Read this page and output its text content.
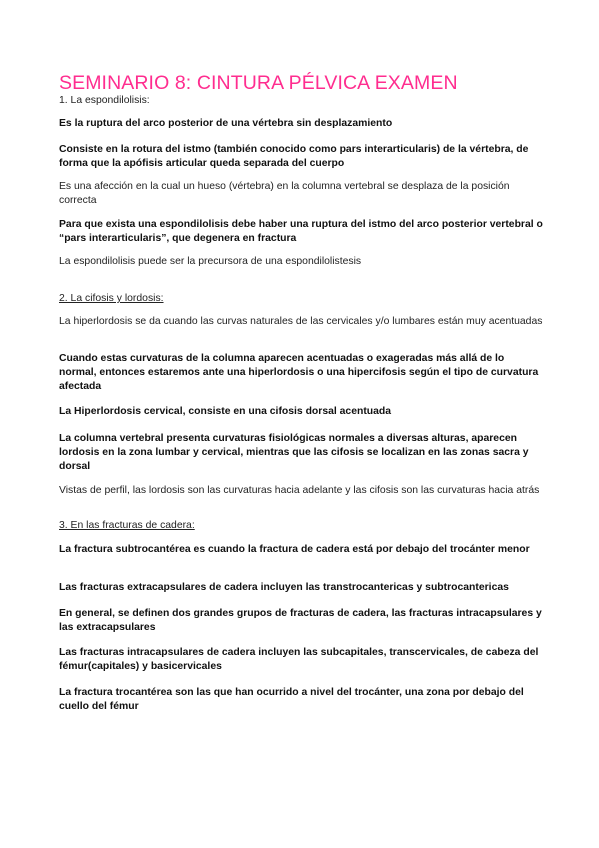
SEMINARIO 8: CINTURA PÉLVICA EXAMEN

1. La espondilolisis:

Es la ruptura del arco posterior de una vértebra sin desplazamiento

Consiste en la rotura del istmo (también conocido como pars interarticularis) de la vértebra, de forma que la apófisis articular queda separada del cuerpo

Es una afección en la cual un hueso (vértebra) en la columna vertebral se desplaza de la posición correcta

Para que exista una espondilolisis debe haber una ruptura del istmo del arco posterior vertebral o “pars interarticularis”, que degenera en fractura

La espondilolisis puede ser la precursora de una espondilolistesis

2. La cifosis y lordosis:

La hiperlordosis se da cuando las curvas naturales de las cervicales y/o lumbares están muy acentuadas

Cuando estas curvaturas de la columna aparecen acentuadas o exageradas más allá de lo normal, entonces estaremos ante una hiperlordosis o una hipercifosis según el tipo de curvatura afectada

La Hiperlordosis cervical, consiste en una cifosis dorsal acentuada

La columna vertebral presenta curvaturas fisiológicas normales a diversas alturas, aparecen lordosis en la zona lumbar y cervical, mientras que las cifosis se localizan en las zonas sacra y dorsal

Vistas de perfil, las lordosis son las curvaturas hacia adelante y las cifosis son las curvaturas hacia atrás

3. En las fracturas de cadera:

La fractura subtrocantérea es cuando la fractura de cadera está por debajo del trocánter menor

Las fracturas extracapsulares de cadera incluyen las transtrocantericas y subtrocantericas

En general, se definen dos grandes grupos de fracturas de cadera, las fracturas intracapsulares y las extracapsulares

Las fracturas intracapsulares de cadera incluyen las subcapitales, transcervicales, de cabeza del fémur(capitales) y basicervicales

La fractura trocantérea son las que han ocurrido a nivel del trocánter, una zona por debajo del cuello del fémur
